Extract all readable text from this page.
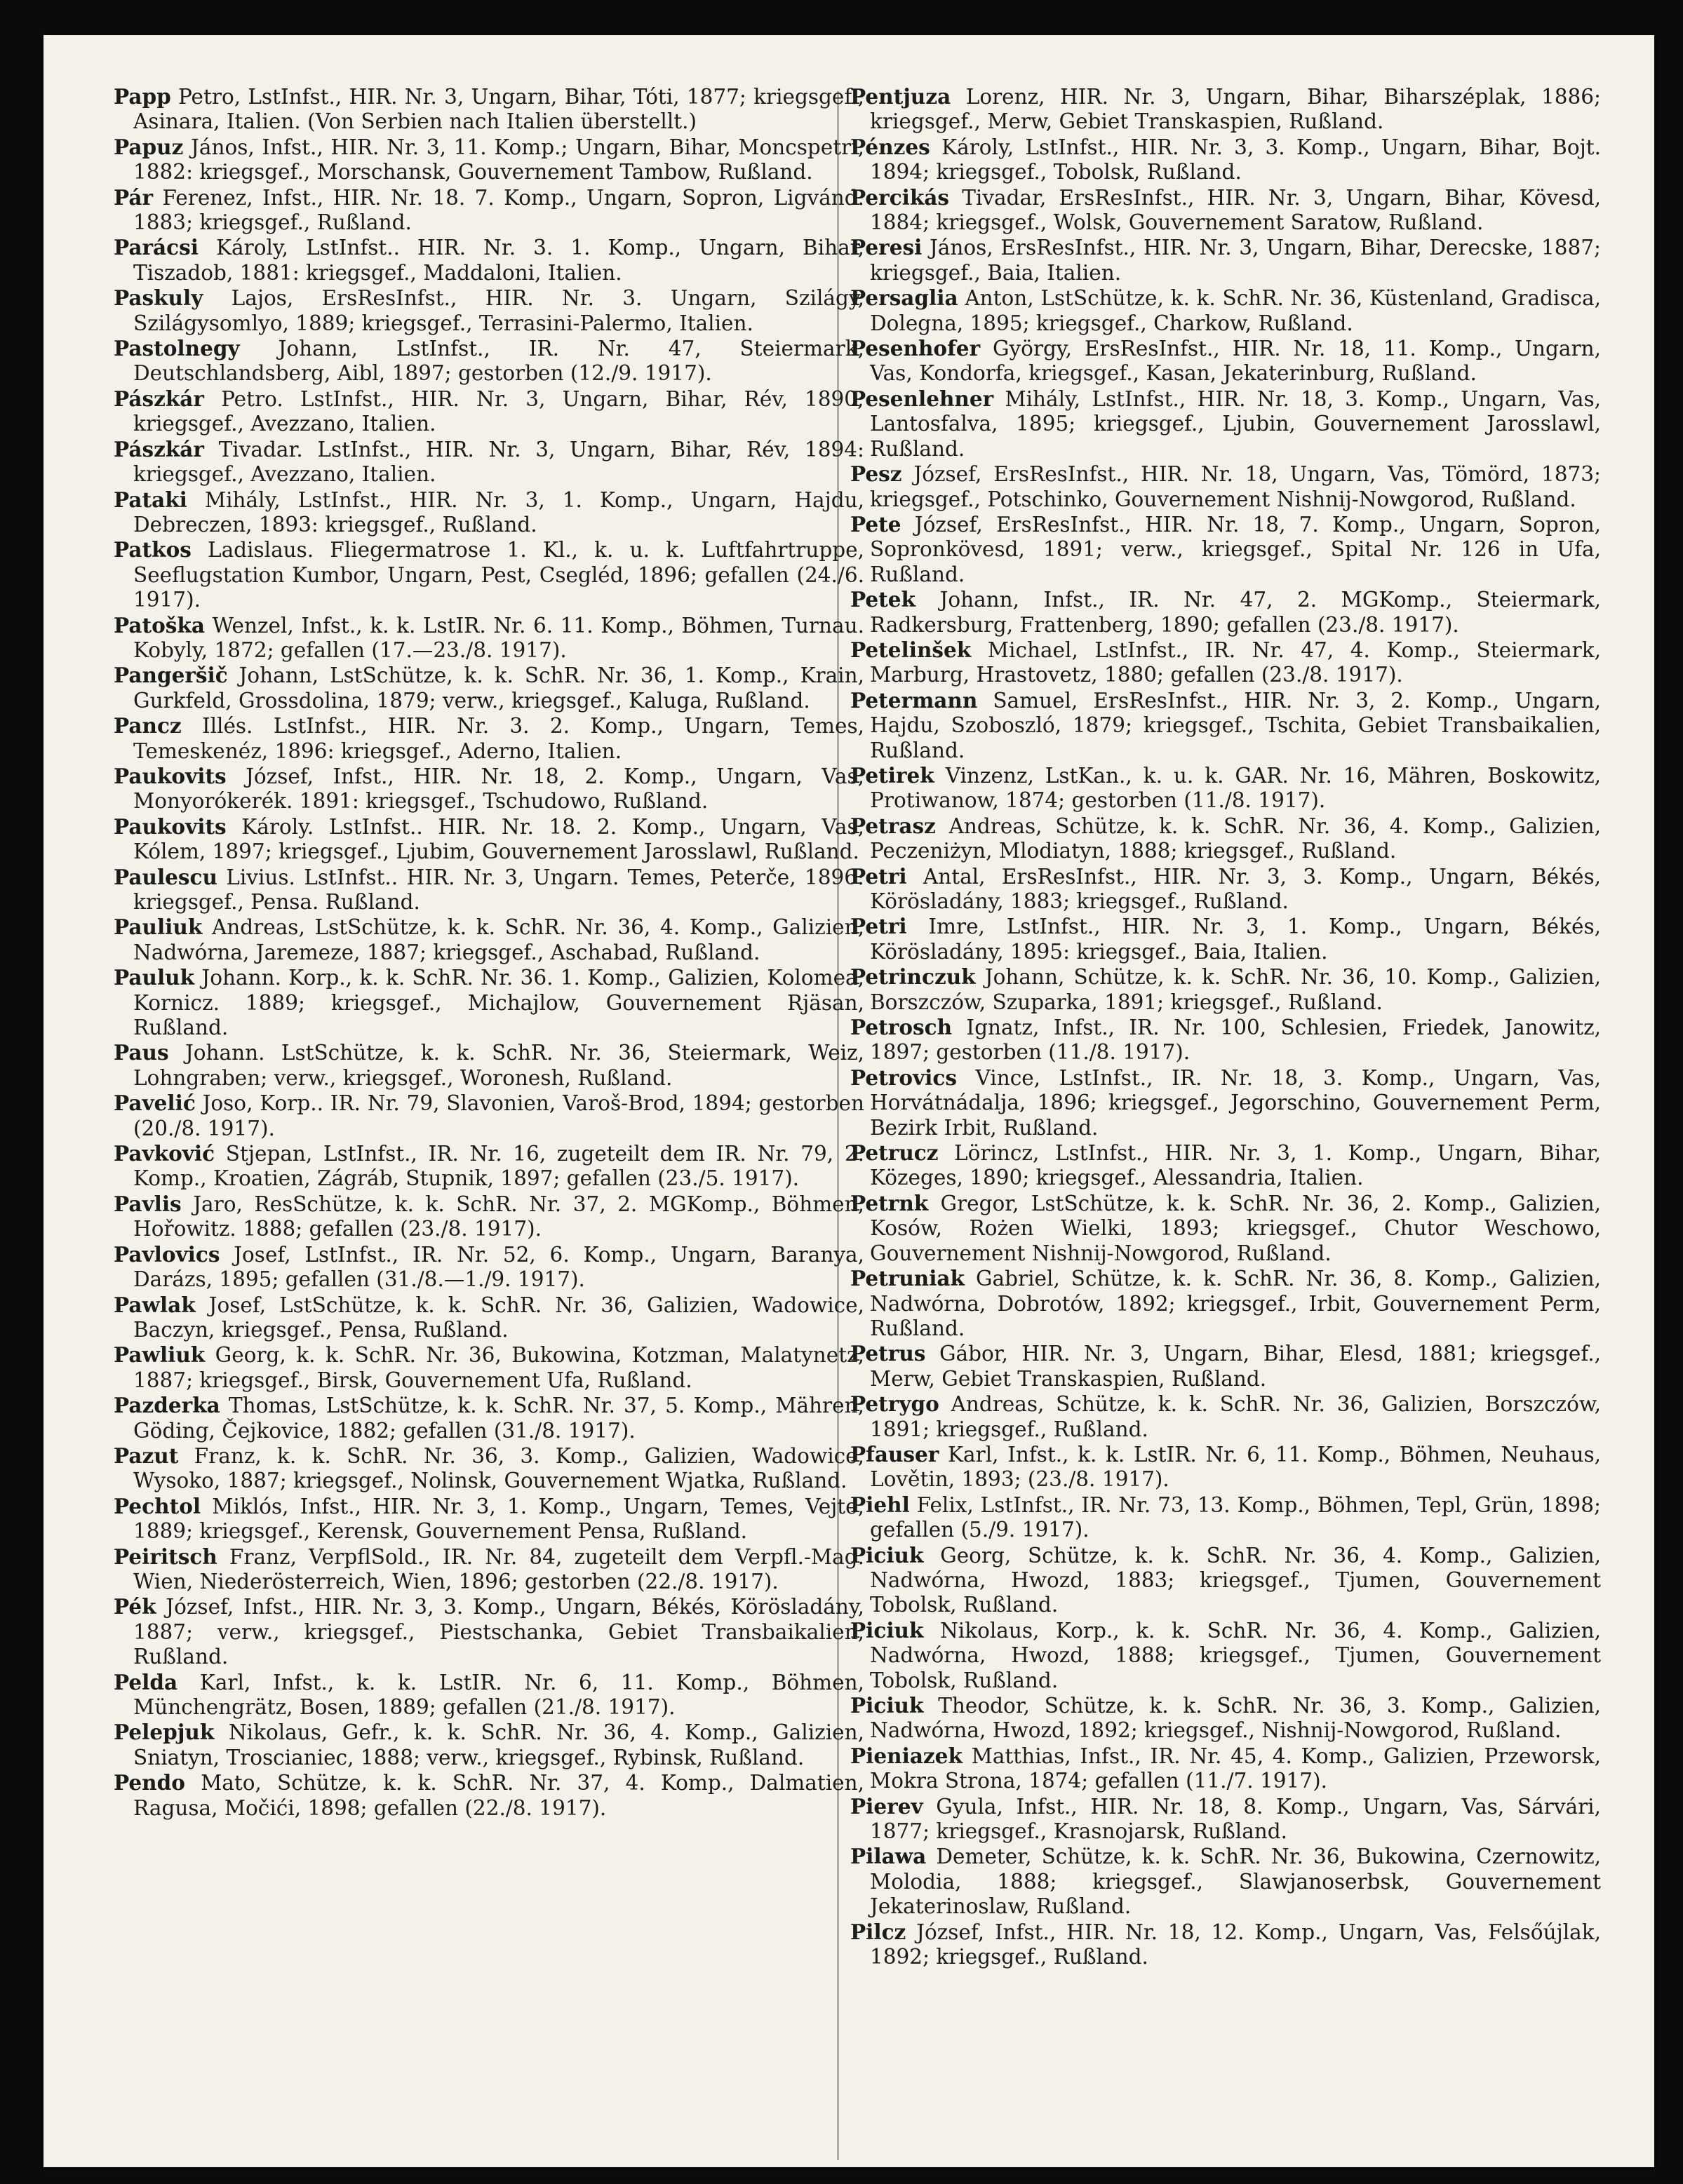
Papp Petro, LstInfst., HIR. Nr. 3, Ungarn, Bihar, Tóti, 1877; kriegsgef., Asinara, Italien. (Von Serbien nach Italien überstellt.)

Papuz János, Infst., HIR. Nr. 3, 11. Komp.; Ungarn, Bihar, Moncspetri, 1882: kriegsgef., Morschansk, Gouvernement Tambow, Rußland.

Pár Ferenez, Infst., HIR. Nr. 18. 7. Komp., Ungarn, Sopron, Ligvánd. 1883; kriegsgef., Rußland.

Parácsi Károly, LstInfst.. HIR. Nr. 3. 1. Komp., Ungarn, Bihar, Tiszadob, 1881: kriegsgef., Maddaloni, Italien.

Paskuly Lajos, ErsResInfst., HIR. Nr. 3. Ungarn, Szilágy, Szilágysomlyo, 1889; kriegsgef., Terrasini-Palermo, Italien.

Pastolnegy Johann, LstInfst., IR. Nr. 47, Steiermark, Deutschlandsberg, Aibl, 1897; gestorben (12./9. 1917).

Pászkár Petro. LstInfst., HIR. Nr. 3, Ungarn, Bihar, Rév, 1890; kriegsgef., Avezzano, Italien.

Pászkár Tivadar. LstInfst., HIR. Nr. 3, Ungarn, Bihar, Rév, 1894: kriegsgef., Avezzano, Italien.

Pataki Mihály, LstInfst., HIR. Nr. 3, 1. Komp., Ungarn, Hajdu, Debreczen, 1893: kriegsgef., Rußland.

Patkos Ladislaus. Fliegermatrose 1. Kl., k. u. k. Luftfahrtruppe, Seeflugstation Kumbor, Ungarn, Pest, Csegléd, 1896; gefallen (24./6. 1917).

Patoška Wenzel, Infst., k. k. LstIR. Nr. 6. 11. Komp., Böhmen, Turnau. Kobyly, 1872; gefallen (17.—23./8. 1917).

Pangeršič Johann, LstSchütze, k. k. SchR. Nr. 36, 1. Komp., Krain, Gurkfeld, Grossdolina, 1879; verw., kriegsgef., Kaluga, Rußland.

Pancz Illés. LstInfst., HIR. Nr. 3. 2. Komp., Ungarn, Temes, Temeskenéz, 1896: kriegsgef., Aderno, Italien.

Paukovits József, Infst., HIR. Nr. 18, 2. Komp., Ungarn, Vas, Monyorókerék. 1891: kriegsgef., Tschudowo, Rußland.

Paukovits Károly. LstInfst.. HIR. Nr. 18. 2. Komp., Ungarn, Vas, Kólem, 1897; kriegsgef., Ljubim, Gouvernement Jarosslawl, Rußland.

Paulescu Livius. LstInfst.. HIR. Nr. 3, Ungarn. Temes, Peterče, 1896: kriegsgef., Pensa. Rußland.

Pauliuk Andreas, LstSchütze, k. k. SchR. Nr. 36, 4. Komp., Galizien, Nadwórna, Jaremeze, 1887; kriegsgef., Aschabad, Rußland.

Pauluk Johann. Korp., k. k. SchR. Nr. 36. 1. Komp., Galizien, Kolomea, Kornicz. 1889; kriegsgef., Michajlow, Gouvernement Rjäsan, Rußland.

Paus Johann. LstSchütze, k. k. SchR. Nr. 36, Steiermark, Weiz, Lohngraben; verw., kriegsgef., Woronesh, Rußland.

Pavelić Joso, Korp.. IR. Nr. 79, Slavonien, Varoš-Brod, 1894; gestorben (20./8. 1917).

Pavković Stjepan, LstInfst., IR. Nr. 16, zugeteilt dem IR. Nr. 79, 2. Komp., Kroatien, Zágráb, Stupnik, 1897; gefallen (23./5. 1917).

Pavlis Jaro, ResSchütze, k. k. SchR. Nr. 37, 2. MGKomp., Böhmen, Hořowitz. 1888; gefallen (23./8. 1917).

Pavlovics Josef, LstInfst., IR. Nr. 52, 6. Komp., Ungarn, Baranya, Darázs, 1895; gefallen (31./8.—1./9. 1917).

Pawlak Josef, LstSchütze, k. k. SchR. Nr. 36, Galizien, Wadowice, Baczyn, kriegsgef., Pensa, Rußland.

Pawliuk Georg, k. k. SchR. Nr. 36, Bukowina, Kotzman, Malatynetz, 1887; kriegsgef., Birsk, Gouvernement Ufa, Rußland.

Pazderka Thomas, LstSchütze, k. k. SchR. Nr. 37, 5. Komp., Mähren, Göding, Čejkovice, 1882; gefallen (31./8. 1917).

Pazut Franz, k. k. SchR. Nr. 36, 3. Komp., Galizien, Wadowice, Wysoko, 1887; kriegsgef., Nolinsk, Gouvernement Wjatka, Rußland.

Pechtol Miklós, Infst., HIR. Nr. 3, 1. Komp., Ungarn, Temes, Vejte, 1889; kriegsgef., Kerensk, Gouvernement Pensa, Rußland.

Peiritsch Franz, VerpflSold., IR. Nr. 84, zugeteilt dem Verpfl.-Mag. Wien, Niederösterreich, Wien, 1896; gestorben (22./8. 1917).

Pék József, Infst., HIR. Nr. 3, 3. Komp., Ungarn, Békés, Körösladány, 1887; verw., kriegsgef., Piestschanka, Gebiet Transbaikalien, Rußland.

Pelda Karl, Infst., k. k. LstIR. Nr. 6, 11. Komp., Böhmen, Münchengrätz, Bosen, 1889; gefallen (21./8. 1917).

Pelepjuk Nikolaus, Gefr., k. k. SchR. Nr. 36, 4. Komp., Galizien, Sniatyn, Troscianiec, 1888; verw., kriegsgef., Rybinsk, Rußland.

Pendo Mato, Schütze, k. k. SchR. Nr. 37, 4. Komp., Dalmatien, Ragusa, Močići, 1898; gefallen (22./8. 1917).

Pentjuza Lorenz, HIR. Nr. 3, Ungarn, Bihar, Biharszéplak, 1886; kriegsgef., Merw, Gebiet Transkaspien, Rußland.

Pénzes Károly, LstInfst., HIR. Nr. 3, 3. Komp., Ungarn, Bihar, Bojt. 1894; kriegsgef., Tobolsk, Rußland.

Percikás Tivadar, ErsResInfst., HIR. Nr. 3, Ungarn, Bihar, Kövesd, 1884; kriegsgef., Wolsk, Gouvernement Saratow, Rußland.

Peresi János, ErsResInfst., HIR. Nr. 3, Ungarn, Bihar, Derecske, 1887; kriegsgef., Baia, Italien.

Persaglia Anton, LstSchütze, k. k. SchR. Nr. 36, Küstenland, Gradisca, Dolegna, 1895; kriegsgef., Charkow, Rußland.

Pesenhofer György, ErsResInfst., HIR. Nr. 18, 11. Komp., Ungarn, Vas, Kondorfa, kriegsgef., Kasan, Jekaterinburg, Rußland.

Pesenlehner Mihály, LstInfst., HIR. Nr. 18, 3. Komp., Ungarn, Vas, Lantosfalva, 1895; kriegsgef., Ljubin, Gouvernement Jarosslawl, Rußland.

Pesz József, ErsResInfst., HIR. Nr. 18, Ungarn, Vas, Tömörd, 1873; kriegsgef., Potschinko, Gouvernement Nishnij-Nowgorod, Rußland.

Pete József, ErsResInfst., HIR. Nr. 18, 7. Komp., Ungarn, Sopron, Sopronkövesd, 1891; verw., kriegsgef., Spital Nr. 126 in Ufa, Rußland.

Petek Johann, Infst., IR. Nr. 47, 2. MGKomp., Steiermark, Radkersburg, Frattenberg, 1890; gefallen (23./8. 1917).

Petelinšek Michael, LstInfst., IR. Nr. 47, 4. Komp., Steiermark, Marburg, Hrastovetz, 1880; gefallen (23./8. 1917).

Petermann Samuel, ErsResInfst., HIR. Nr. 3, 2. Komp., Ungarn, Hajdu, Szoboszló, 1879; kriegsgef., Tschita, Gebiet Transbaikalien, Rußland.

Petirek Vinzenz, LstKan., k. u. k. GAR. Nr. 16, Mähren, Boskowitz, Protiwanow, 1874; gestorben (11./8. 1917).

Petrasz Andreas, Schütze, k. k. SchR. Nr. 36, 4. Komp., Galizien, Peczeniżyn, Mlodiatyn, 1888; kriegsgef., Rußland.

Petri Antal, ErsResInfst., HIR. Nr. 3, 3. Komp., Ungarn, Békés, Körösladány, 1883; kriegsgef., Rußland.

Petri Imre, LstInfst., HIR. Nr. 3, 1. Komp., Ungarn, Békés, Körösladány, 1895: kriegsgef., Baia, Italien.

Petrinczuk Johann, Schütze, k. k. SchR. Nr. 36, 10. Komp., Galizien, Borszczów, Szuparka, 1891; kriegsgef., Rußland.

Petrosch Ignatz, Infst., IR. Nr. 100, Schlesien, Friedek, Janowitz, 1897; gestorben (11./8. 1917).

Petrovics Vince, LstInfst., IR. Nr. 18, 3. Komp., Ungarn, Vas, Horvátnádalja, 1896; kriegsgef., Jegorschino, Gouvernement Perm, Bezirk Irbit, Rußland.

Petrucz Lörincz, LstInfst., HIR. Nr. 3, 1. Komp., Ungarn, Bihar, Közeges, 1890; kriegsgef., Alessandria, Italien.

Petrnk Gregor, LstSchütze, k. k. SchR. Nr. 36, 2. Komp., Galizien, Kosów, Rożen Wielki, 1893; kriegsgef., Chutor Weschowo, Gouvernement Nishnij-Nowgorod, Rußland.

Petruniak Gabriel, Schütze, k. k. SchR. Nr. 36, 8. Komp., Galizien, Nadwórna, Dobrotów, 1892; kriegsgef., Irbit, Gouvernement Perm, Rußland.

Petrus Gábor, HIR. Nr. 3, Ungarn, Bihar, Elesd, 1881; kriegsgef., Merw, Gebiet Transkaspien, Rußland.

Petrygo Andreas, Schütze, k. k. SchR. Nr. 36, Galizien, Borszczów, 1891; kriegsgef., Rußland.

Pfauser Karl, Infst., k. k. LstIR. Nr. 6, 11. Komp., Böhmen, Neuhaus, Lovětin, 1893; (23./8. 1917).

Piehl Felix, LstInfst., IR. Nr. 73, 13. Komp., Böhmen, Tepl, Grün, 1898; gefallen (5./9. 1917).

Piciuk Georg, Schütze, k. k. SchR. Nr. 36, 4. Komp., Galizien, Nadwórna, Hwozd, 1883; kriegsgef., Tjumen, Gouvernement Tobolsk, Rußland.

Piciuk Nikolaus, Korp., k. k. SchR. Nr. 36, 4. Komp., Galizien, Nadwórna, Hwozd, 1888; kriegsgef., Tjumen, Gouvernement Tobolsk, Rußland.

Piciuk Theodor, Schütze, k. k. SchR. Nr. 36, 3. Komp., Galizien, Nadwórna, Hwozd, 1892; kriegsgef., Nishnij-Nowgorod, Rußland.

Pieniazek Matthias, Infst., IR. Nr. 45, 4. Komp., Galizien, Przeworsk, Mokra Strona, 1874; gefallen (11./7. 1917).

Pierev Gyula, Infst., HIR. Nr. 18, 8. Komp., Ungarn, Vas, Sárvári, 1877; kriegsgef., Krasnojarsk, Rußland.

Pilawa Demeter, Schütze, k. k. SchR. Nr. 36, Bukowina, Czernowitz, Molodia, 1888; kriegsgef., Slawjanoserbsk, Gouvernement Jekaterinoslaw, Rußland.

Pilcz József, Infst., HIR. Nr. 18, 12. Komp., Ungarn, Vas, Felsőújlak, 1892; kriegsgef., Rußland.
